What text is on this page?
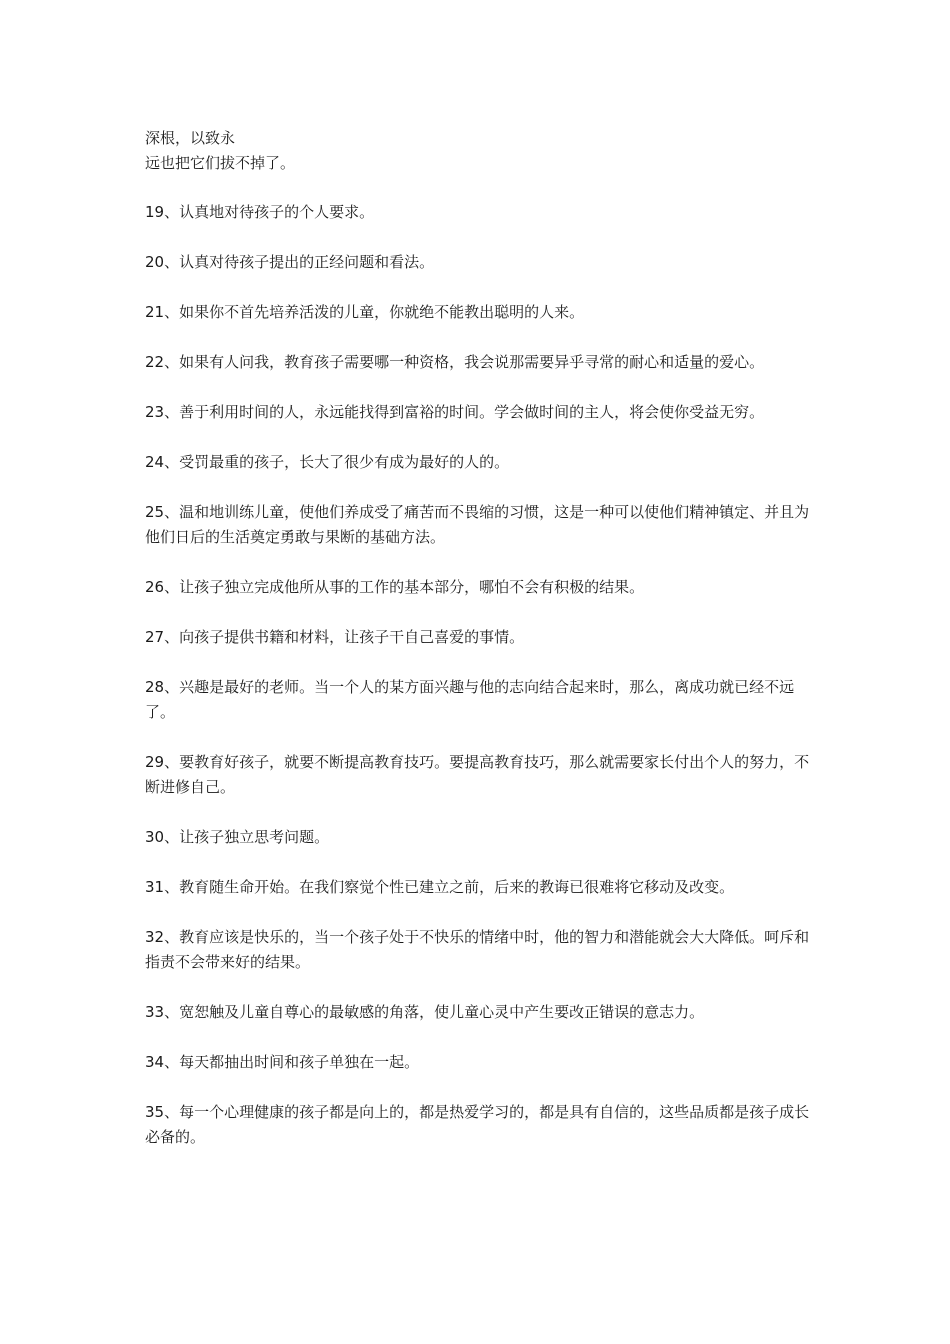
深根，以致永

远也把它们拔不掉了。

19、认真地对待孩子的个人要求。
20、认真对待孩子提出的正经问题和看法。
21、如果你不首先培养活泼的儿童，你就绝不能教出聪明的人来。
22、如果有人问我，教育孩子需要哪一种资格，我会说那需要异乎寻常的耐心和适量的爱心。
23、善于利用时间的人，永远能找得到富裕的时间。学会做时间的主人，将会使你受益无穷。
24、受罚最重的孩子，长大了很少有成为最好的人的。
25、温和地训练儿童，使他们养成受了痛苦而不畏缩的习惯，这是一种可以使他们精神镇定、并且为他们日后的生活奠定勇敢与果断的基础方法。
26、让孩子独立完成他所从事的工作的基本部分，哪怕不会有积极的结果。
27、向孩子提供书籍和材料，让孩子干自己喜爱的事情。
28、兴趣是最好的老师。当一个人的某方面兴趣与他的志向结合起来时，那么，离成功就已经不远了。
29、要教育好孩子，就要不断提高教育技巧。要提高教育技巧，那么就需要家长付出个人的努力，不断进修自己。
30、让孩子独立思考问题。
31、教育随生命开始。在我们察觉个性已建立之前，后来的教诲已很难将它移动及改变。
32、教育应该是快乐的，当一个孩子处于不快乐的情绪中时，他的智力和潜能就会大大降低。呵斥和指责不会带来好的结果。
33、宽恕触及儿童自尊心的最敏感的角落，使儿童心灵中产生要改正错误的意志力。
34、每天都抽出时间和孩子单独在一起。
35、每一个心理健康的孩子都是向上的，都是热爱学习的，都是具有自信的，这些品质都是孩子成长必备的。
